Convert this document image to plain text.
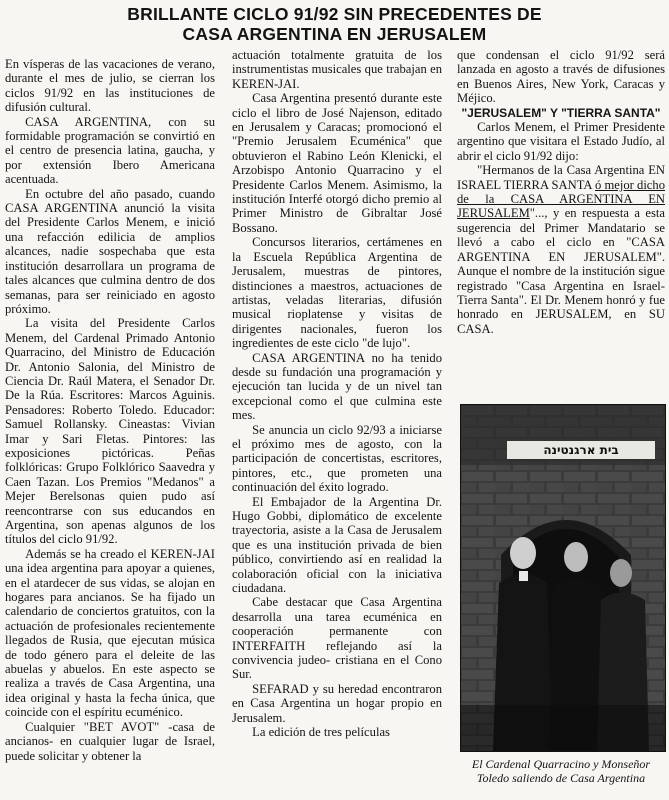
BRILLANTE CICLO 91/92 SIN PRECEDENTES DE
CASA ARGENTINA EN JERUSALEM

En vísperas de las vacaciones de verano, durante el mes de julio, se cierran los ciclos 91/92 en las instituciones de difusión cultural.

CASA ARGENTINA, con su formidable programación se convirtió en el centro de presencia latina, gaucha, y por extensión Ibero Americana acentuada.

En octubre del año pasado, cuando CASA ARGENTINA anunció la visita del Presidente Carlos Menem, e inició una refacción edilicia de amplios alcances, nadie sospechaba que esta institución desarrollara un programa de tales alcances que culmina dentro de dos semanas, para ser reiniciado en agosto próximo.

La visita del Presidente Carlos Menem, del Cardenal Primado Antonio Quarracino, del Ministro de Educación Dr. Antonio Salonia, del Ministro de Ciencia Dr. Raúl Matera, el Senador Dr. De la Rúa. Escritores: Marcos Aguinis. Pensadores: Roberto Toledo. Educador: Samuel Rollansky. Cineastas: Vivian Imar y Sari Fletas. Pintores: las exposiciones pictóricas. Peñas folklóricas: Grupo Folklórico Saavedra y Caen Tazan. Los Premios "Medanos" a Mejer Berelsonas quien pudo así reencontrarse con sus educandos en Argentina, son apenas algunos de los títulos del ciclo 91/92.

Además se ha creado el KEREN-JAI una idea argentina para apoyar a quienes, en el atardecer de sus vidas, se alojan en hogares para ancianos. Se ha fijado un calendario de conciertos gratuitos, con la actuación de profesionales recientemente llegados de Rusia, que ejecutan música de todo género para el deleite de las abuelas y abuelos. En este aspecto se realiza a través de Casa Argentina, una idea original y hasta la fecha única, que coincide con el espíritu ecuménico.

Cualquier "BET AVOT" -casa de ancianos- en cualquier lugar de Israel, puede solicitar y obtener la

actuación totalmente gratuita de los instrumentistas musicales que trabajan en KEREN-JAI.

Casa Argentina presentó durante este ciclo el libro de José Najenson, editado en Jerusalem y Caracas; promocionó el "Premio Jerusalem Ecuménica" que obtuvieron el Rabino León Klenicki, el Arzobispo Antonio Quarracino y el Presidente Carlos Menem. Asimismo, la institución Interfé otorgó dicho premio al Primer Ministro de Gibraltar José Bossano.

Concursos literarios, certámenes en la Escuela República Argentina de Jerusalem, muestras de pintores, distinciones a maestros, actuaciones de artistas, veladas literarias, difusión musical rioplatense y visitas de dirigentes nacionales, fueron los ingredientes de este ciclo "de lujo".

CASA ARGENTINA no ha tenido desde su fundación una programación y ejecución tan lucida y de un nivel tan excepcional como el que culmina este mes.

Se anuncia un ciclo 92/93 a iniciarse el próximo mes de agosto, con la participación de concertistas, escritores, pintores, etc., que prometen una continuación del éxito logrado.

El Embajador de la Argentina Dr. Hugo Gobbi, diplomático de excelente trayectoria, asiste a la Casa de Jerusalem que es una institución privada de bien público, convirtiendo así en realidad la colaboración oficial con la iniciativa ciudadana.

Cabe destacar que Casa Argentina desarrolla una tarea ecuménica en cooperación permanente con INTERFAITH reflejando así la convivencia judeo- cristiana en el Cono Sur.

SEFARAD y su heredad encontraron en Casa Argentina un hogar propio en Jerusalem.

La edición de tres películas

que condensan el ciclo 91/92 será lanzada en agosto a través de difusiones en Buenos Aires, New York, Caracas y Méjico.

"JERUSALEM" Y "TIERRA SANTA"

Carlos Menem, el Primer Presidente argentino que visitara el Estado Judío, al abrir el ciclo 91/92 dijo:

"Hermanos de la Casa Argentina EN ISRAEL TIERRA SANTA ó mejor dicho de la CASA ARGENTINA EN JERUSALEM"..., y en respuesta a esta sugerencia del Primer Mandatario se llevó a cabo el ciclo en "CASA ARGENTINA EN JERUSALEM". Aunque el nombre de la institución sigue registrado "Casa Argentina en Israel-Tierra Santa". El Dr. Menem honró y fue honrado en JERUSALEM, en SU CASA.

בית ארגנטינה
El Cardenal Quarracino y Monseñor Toledo saliendo de Casa Argentina
